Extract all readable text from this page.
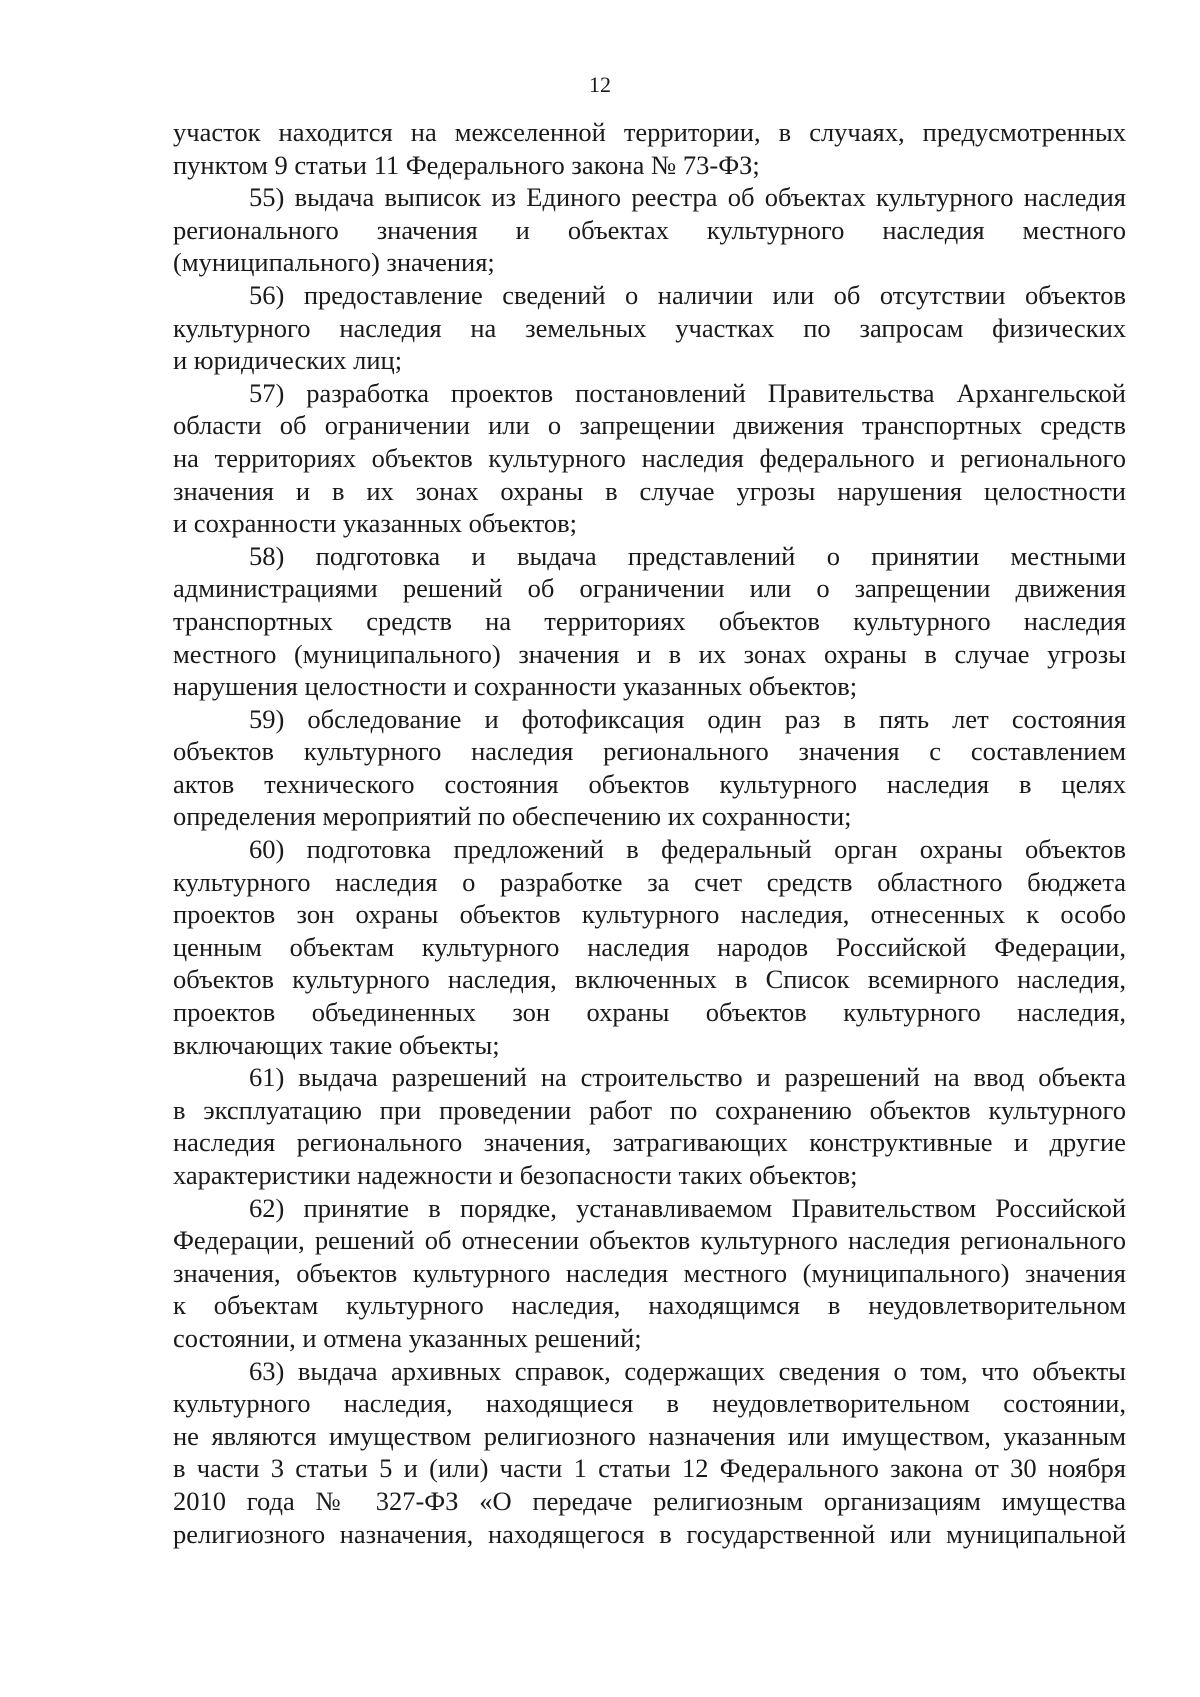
12
участок находится на межселенной территории, в случаях, предусмотренных
пунктом 9 статьи 11 Федерального закона № 73-ФЗ;
55) выдача выписок из Единого реестра об объектах культурного наследия
регионального значения и объектах культурного наследия местного
(муниципального) значения;
56) предоставление сведений о наличии или об отсутствии объектов
культурного наследия на земельных участках по запросам физических
и юридических лиц;
57) разработка проектов постановлений Правительства Архангельской
области об ограничении или о запрещении движения транспортных средств
на территориях объектов культурного наследия федерального и регионального
значения и в их зонах охраны в случае угрозы нарушения целостности
и сохранности указанных объектов;
58) подготовка и выдача представлений о принятии местными
администрациями решений об ограничении или о запрещении движения
транспортных средств на территориях объектов культурного наследия
местного (муниципального) значения и в их зонах охраны в случае угрозы
нарушения целостности и сохранности указанных объектов;
59) обследование и фотофиксация один раз в пять лет состояния
объектов культурного наследия регионального значения с составлением
актов технического состояния объектов культурного наследия в целях
определения мероприятий по обеспечению их сохранности;
60) подготовка предложений в федеральный орган охраны объектов
культурного наследия о разработке за счет средств областного бюджета
проектов зон охраны объектов культурного наследия, отнесенных к особо
ценным объектам культурного наследия народов Российской Федерации,
объектов культурного наследия, включенных в Список всемирного наследия,
проектов объединенных зон охраны объектов культурного наследия,
включающих такие объекты;
61) выдача разрешений на строительство и разрешений на ввод объекта
в эксплуатацию при проведении работ по сохранению объектов культурного
наследия регионального значения, затрагивающих конструктивные и другие
характеристики надежности и безопасности таких объектов;
62) принятие в порядке, устанавливаемом Правительством Российской
Федерации, решений об отнесении объектов культурного наследия регионального
значения, объектов культурного наследия местного (муниципального) значения
к объектам культурного наследия, находящимся в неудовлетворительном
состоянии, и отмена указанных решений;
63) выдача архивных справок, содержащих сведения о том, что объекты
культурного наследия, находящиеся в неудовлетворительном состоянии,
не являются имуществом религиозного назначения или имуществом, указанным
в части 3 статьи 5 и (или) части 1 статьи 12 Федерального закона от 30 ноября
2010 года № 327-ФЗ «О передаче религиозным организациям имущества
религиозного назначения, находящегося в государственной или муниципальной
